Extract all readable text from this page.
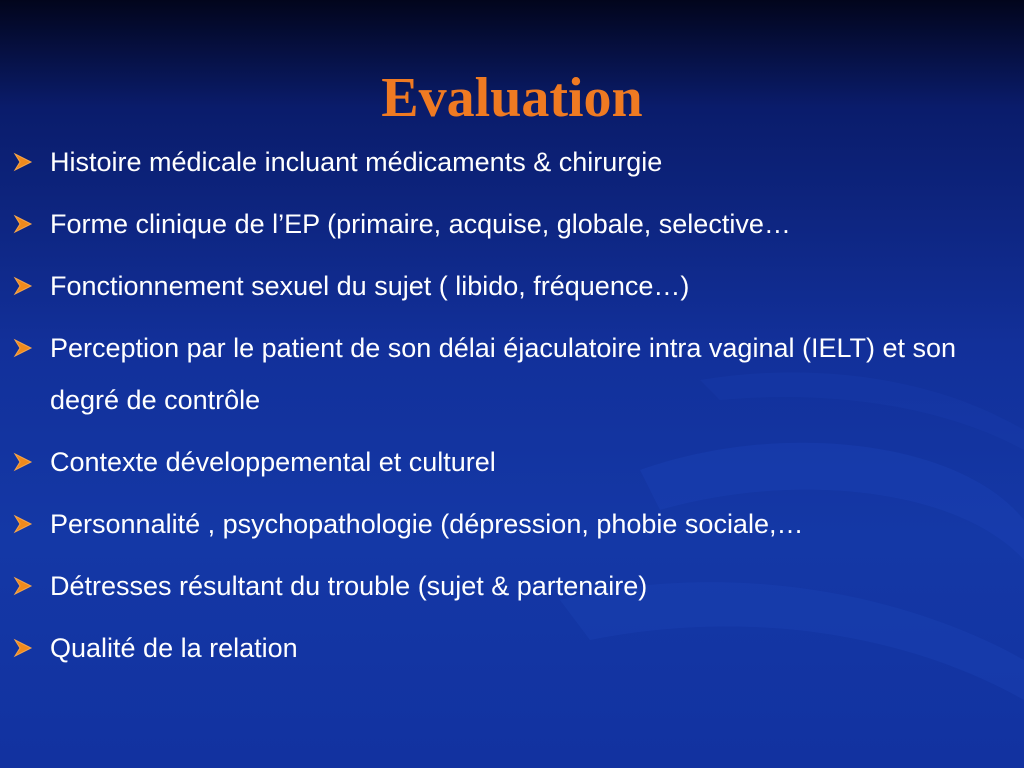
Evaluation
Histoire médicale incluant médicaments & chirurgie
Forme clinique de l’EP (primaire, acquise, globale, selective…
Fonctionnement sexuel du sujet ( libido, fréquence…)
Perception par le patient de son délai éjaculatoire intra vaginal (IELT) et son degré de contrôle
Contexte développemental et culturel
Personnalité , psychopathologie (dépression, phobie sociale,…
Détresses résultant du trouble (sujet & partenaire)
Qualité de la relation
